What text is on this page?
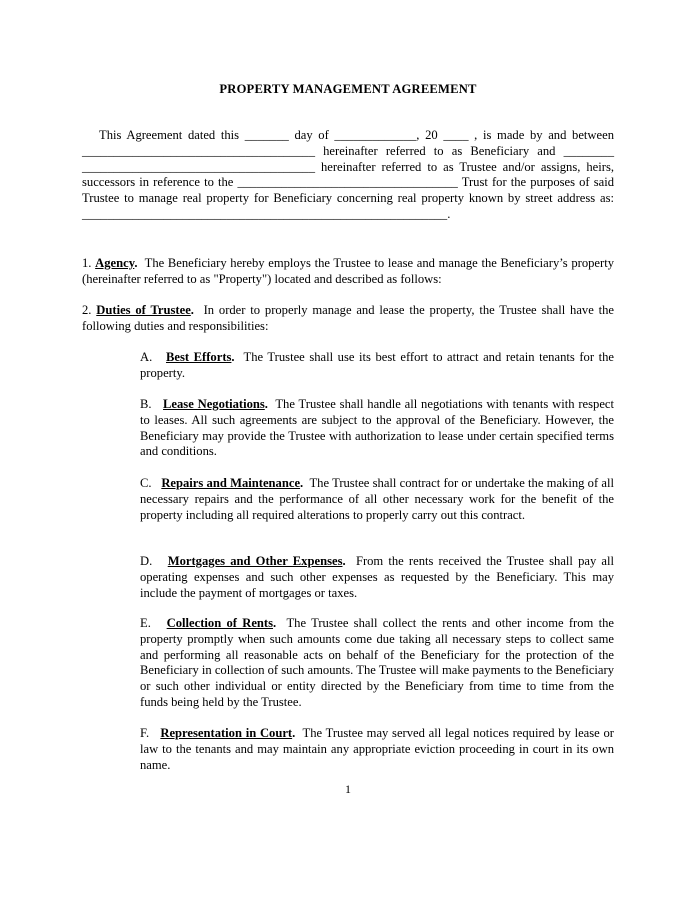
PROPERTY MANAGEMENT AGREEMENT
This Agreement dated this _______ day of _____________, 20 ____ , is made by and between _____________________________________ hereinafter referred to as Beneficiary and ________ _____________________________________ hereinafter referred to as Trustee and/or assigns, heirs, successors in reference to the ___________________________________ Trust for the purposes of said Trustee to manage real property for Beneficiary concerning real property known by street address as: __________________________________________________________.
1. Agency. The Beneficiary hereby employs the Trustee to lease and manage the Beneficiary’s property (hereinafter referred to as "Property") located and described as follows:
2. Duties of Trustee. In order to properly manage and lease the property, the Trustee shall have the following duties and responsibilities:
A. Best Efforts. The Trustee shall use its best effort to attract and retain tenants for the property.
B. Lease Negotiations. The Trustee shall handle all negotiations with tenants with respect to leases. All such agreements are subject to the approval of the Beneficiary. However, the Beneficiary may provide the Trustee with authorization to lease under certain specified terms and conditions.
C. Repairs and Maintenance. The Trustee shall contract for or undertake the making of all necessary repairs and the performance of all other necessary work for the benefit of the property including all required alterations to properly carry out this contract.
D. Mortgages and Other Expenses. From the rents received the Trustee shall pay all operating expenses and such other expenses as requested by the Beneficiary. This may include the payment of mortgages or taxes.
E. Collection of Rents. The Trustee shall collect the rents and other income from the property promptly when such amounts come due taking all necessary steps to collect same and performing all reasonable acts on behalf of the Beneficiary for the protection of the Beneficiary in collection of such amounts. The Trustee will make payments to the Beneficiary or such other individual or entity directed by the Beneficiary from time to time from the funds being held by the Trustee.
F. Representation in Court. The Trustee may served all legal notices required by lease or law to the tenants and may maintain any appropriate eviction proceeding in court in its own name.
1
